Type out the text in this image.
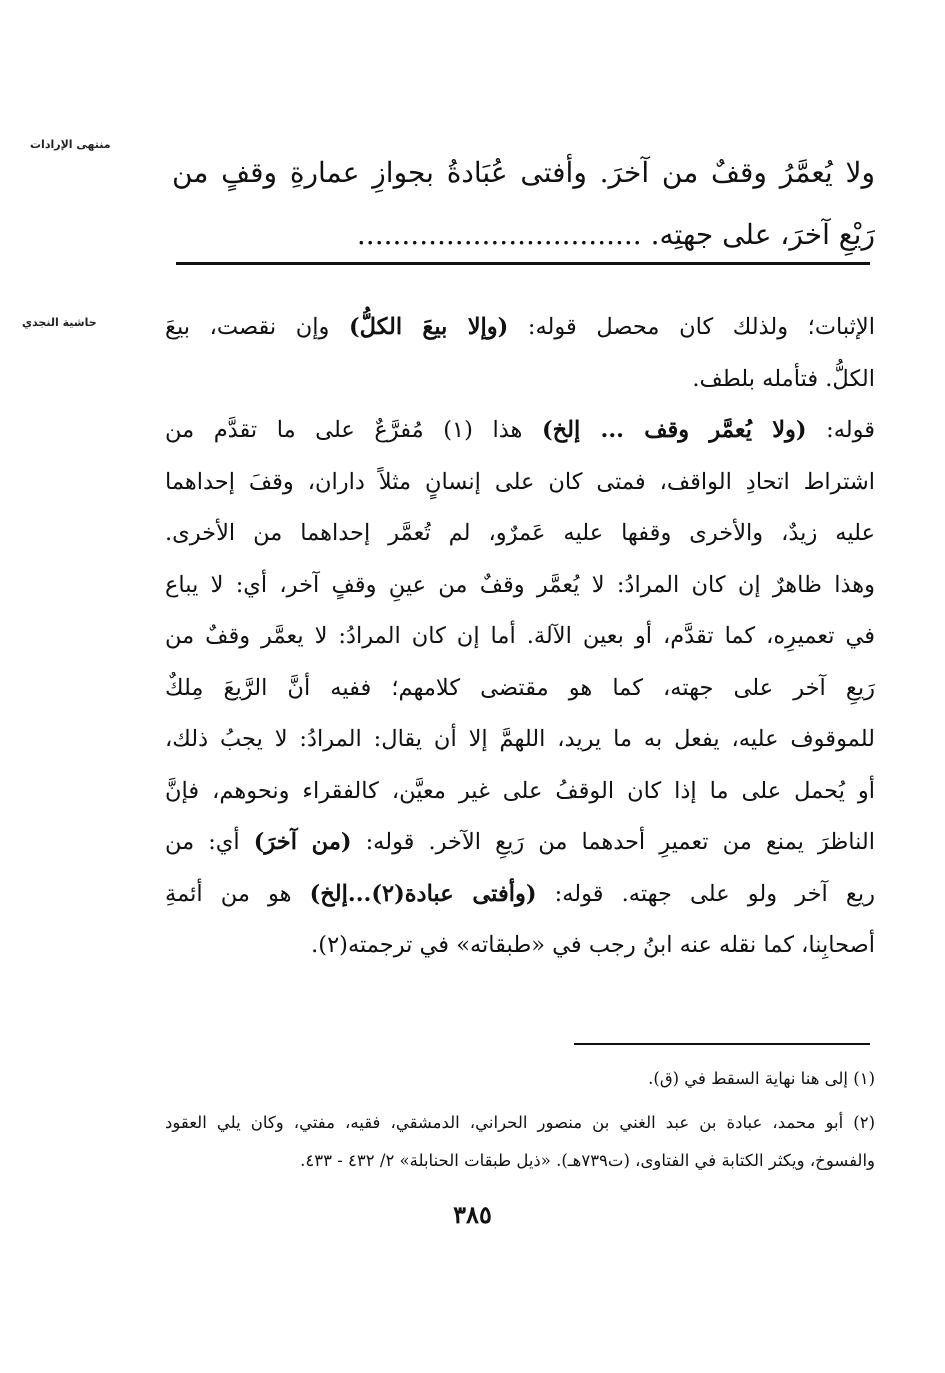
منتهى الإرادات
حاشية النجدي
ولا يُعمَّرُ وقفٌ من آخرَ. وأفتى عُبَادةُ بجوازِ عمارةِ وقفٍ من
رَيْعِ آخرَ، على جهتِه. ................................
الإثبات؛ ولذلك كان محصل قوله: (وإلا بيعَ الكلُّ) وإن نقصت، بيعَ
الكلُّ. فتأمله بلطف.
قوله: (ولا يُعمَّر وقف ... إلخ) هذا (١) مُفرَّعٌ على ما تقدَّم من
اشتراط اتحادِ الواقف، فمتى كان على إنسانٍ مثلاً داران، وقفَ إحداهما
عليه زيدٌ، والأخرى وقفها عليه عَمرٌو، لم تُعمَّر إحداهما من الأخرى.
وهذا ظاهرٌ إن كان المرادُ: لا يُعمَّر وقفٌ من عينِ وقفٍ آخر، أي: لا يباع
في تعميرِه، كما تقدَّم، أو بعين الآلة. أما إن كان المرادُ: لا يعمَّر وقفٌ من
رَيعِ آخر على جهته، كما هو مقتضى كلامهم؛ ففيه أنَّ الرَّيعَ مِلكٌ
للموقوف عليه، يفعل به ما يريد، اللهمَّ إلا أن يقال: المرادُ: لا يجبُ ذلك،
أو يُحمل على ما إذا كان الوقفُ على غير معيَّن، كالفقراء ونحوهم، فإنَّ
الناظرَ يمنع من تعميرِ أحدهما من رَيعِ الآخر. قوله: (من آخرَ) أي: من
ريع آخر ولو على جهته. قوله: (وأفتى عبادة(٢)...إلخ) هو من أئمةِ
أصحابِنا، كما نقله عنه ابنُ رجب في «طبقاته» في ترجمته(٢).
(١) إلى هنا نهاية السقط في (ق).
(٢) أبو محمد، عبادة بن عبد الغني بن منصور الحراني، الدمشقي، فقيه، مفتي، وكان يلي العقود
والفسوخ، ويكثر الكتابة في الفتاوى، (ت٧٣٩هـ). «ذيل طبقات الحنابلة» ٢/ ٤٣٢ - ٤٣٣.
٣٨٥
